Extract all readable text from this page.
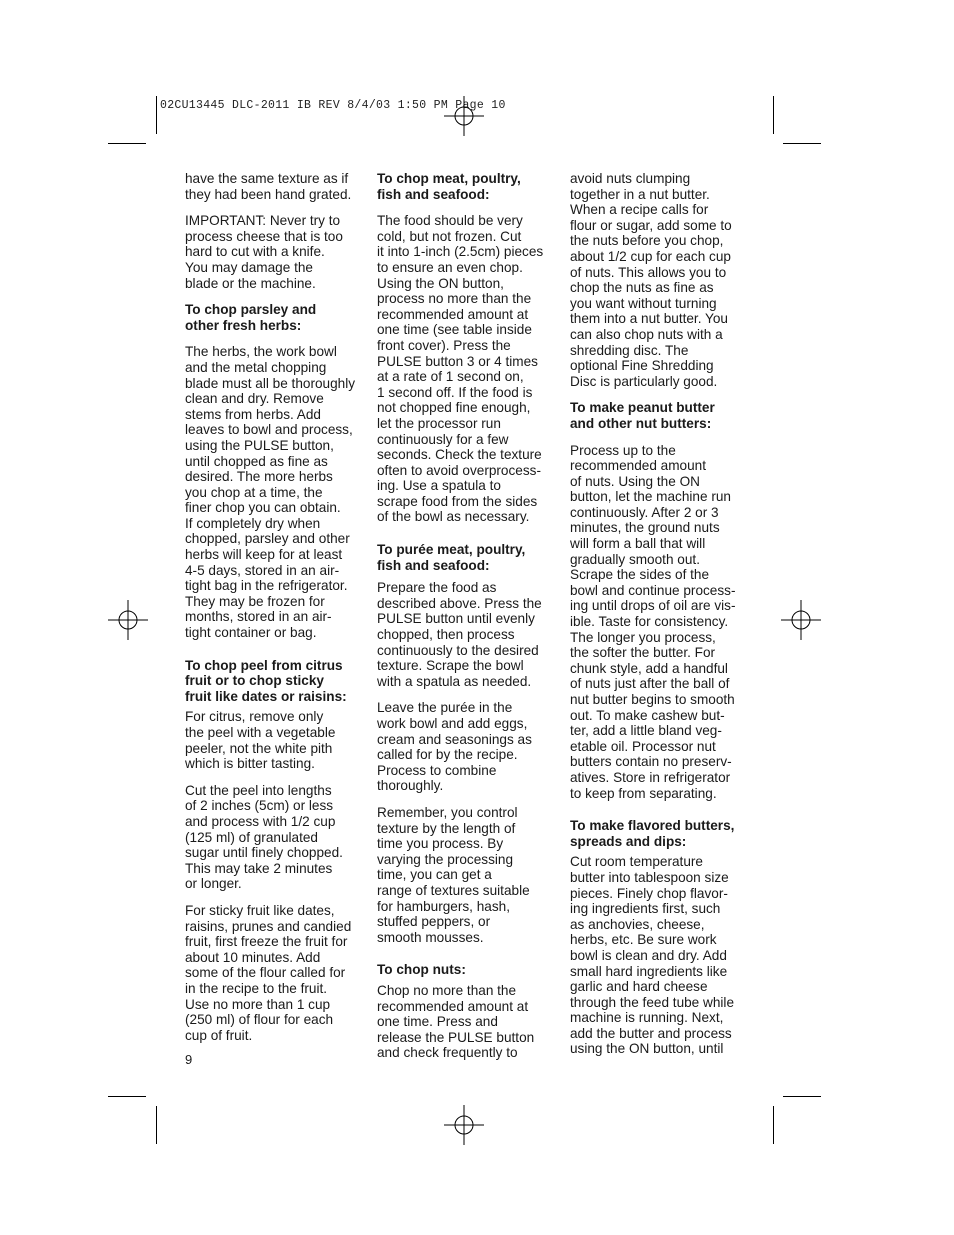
02CU13445 DLC-2011 IB REV 8/4/03 1:50 PM Page 10

have the same texture as if
they had been hand grated.

IMPORTANT: Never try to
process cheese that is too
hard to cut with a knife.
You may damage the
blade or the machine.

To chop parsley and
other fresh herbs:

The herbs, the work bowl
and the metal chopping
blade must all be thoroughly
clean and dry. Remove
stems from herbs. Add
leaves to bowl and process,
using the PULSE button,
until chopped as fine as
desired. The more herbs
you chop at a time, the
finer chop you can obtain.
If completely dry when
chopped, parsley and other
herbs will keep for at least
4-5 days, stored in an air-
tight bag in the refrigerator.
They may be frozen for
months, stored in an air-
tight container or bag.

To chop peel from citrus
fruit or to chop sticky
fruit like dates or raisins:

For citrus, remove only
the peel with a vegetable
peeler, not the white pith
which is bitter tasting.

Cut the peel into lengths
of 2 inches (5cm) or less
and process with 1/2 cup
(125 ml) of granulated
sugar until finely chopped.
This may take 2 minutes
or longer.

For sticky fruit like dates,
raisins, prunes and candied
fruit, first freeze the fruit for
about 10 minutes. Add
some of the flour called for
in the recipe to the fruit.
Use no more than 1 cup
(250 ml) of flour for each
cup of fruit.

9

To chop meat, poultry,
fish and seafood:

The food should be very
cold, but not frozen. Cut
it into 1-inch (2.5cm) pieces
to ensure an even chop.
Using the ON button,
process no more than the
recommended amount at
one time (see table inside
front cover). Press the
PULSE button 3 or 4 times
at a rate of 1 second on,
1 second off. If the food is
not chopped fine enough,
let the processor run
continuously for a few
seconds. Check the texture
often to avoid overprocess-
ing. Use a spatula to
scrape food from the sides
of the bowl as necessary.

To purée meat, poultry,
fish and seafood:

Prepare the food as
described above. Press the
PULSE button until evenly
chopped, then process
continuously to the desired
texture. Scrape the bowl
with a spatula as needed.

Leave the purée in the
work bowl and add eggs,
cream and seasonings as
called for by the recipe.
Process to combine
thoroughly.

Remember, you control
texture by the length of
time you process. By
varying the processing
time, you can get a
range of textures suitable
for hamburgers, hash,
stuffed peppers, or
smooth mousses.

To chop nuts:

Chop no more than the
recommended amount at
one time. Press and
release the PULSE button
and check frequently to

avoid nuts clumping
together in a nut butter.
When a recipe calls for
flour or sugar, add some to
the nuts before you chop,
about 1/2 cup for each cup
of nuts. This allows you to
chop the nuts as fine as
you want without turning
them into a nut butter. You
can also chop nuts with a
shredding disc. The
optional Fine Shredding
Disc is particularly good.

To make peanut butter
and other nut butters:

Process up to the
recommended amount
of nuts. Using the ON
button, let the machine run
continuously. After 2 or 3
minutes, the ground nuts
will form a ball that will
gradually smooth out.
Scrape the sides of the
bowl and continue process-
ing until drops of oil are vis-
ible. Taste for consistency.
The longer you process,
the softer the butter. For
chunk style, add a handful
of nuts just after the ball of
nut butter begins to smooth
out. To make cashew but-
ter, add a little bland veg-
etable oil. Processor nut
butters contain no preserv-
atives. Store in refrigerator
to keep from separating.

To make flavored butters,
spreads and dips:

Cut room temperature
butter into tablespoon size
pieces. Finely chop flavor-
ing ingredients first, such
as anchovies, cheese,
herbs, etc. Be sure work
bowl is clean and dry. Add
small hard ingredients like
garlic and hard cheese
through the feed tube while
machine is running. Next,
add the butter and process
using the ON button, until
